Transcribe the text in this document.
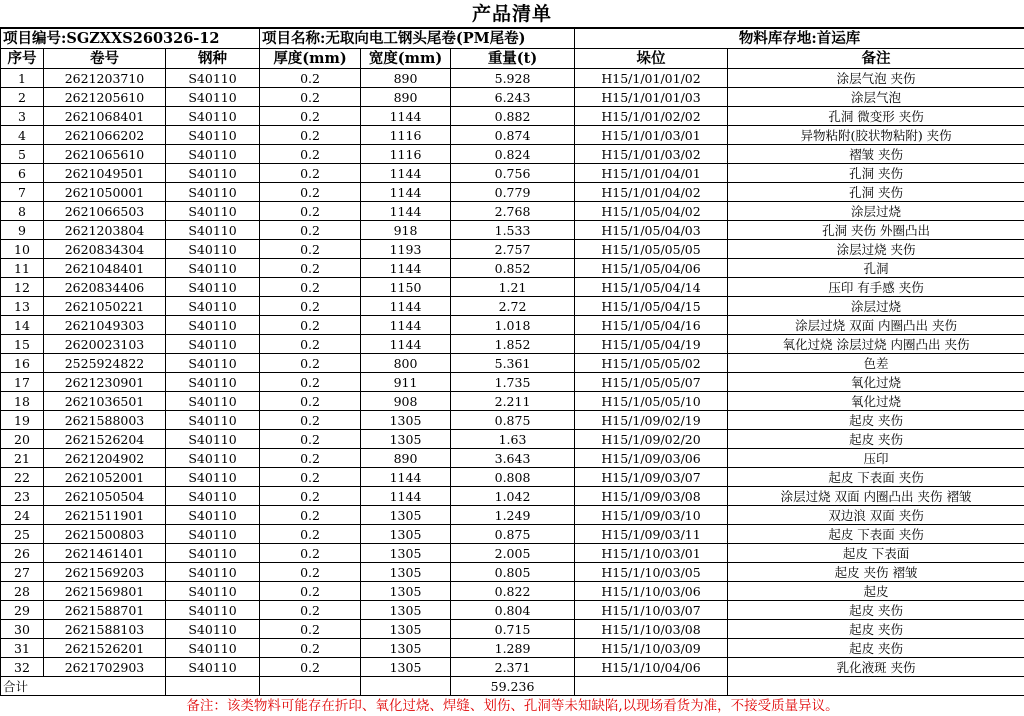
产品清单
项目编号:SGZXXS260326-12			项目名称:无取向电工钢头尾卷(PM尾卷)			物料库存地:首运库	
序号	卷号	钢种	厚度(mm)	宽度(mm)	重量(t)	垛位	备注
1	2621203710	S40110	0.2	890	5.928	H15/1/01/01/02	涂层气泡 夹伤
2	2621205610	S40110	0.2	890	6.243	H15/1/01/01/03	涂层气泡
3	2621068401	S40110	0.2	1144	0.882	H15/1/01/02/02	孔洞 微变形 夹伤
4	2621066202	S40110	0.2	1116	0.874	H15/1/01/03/01	异物粘附(胶状物粘附) 夹伤
5	2621065610	S40110	0.2	1116	0.824	H15/1/01/03/02	褶皱 夹伤
6	2621049501	S40110	0.2	1144	0.756	H15/1/01/04/01	孔洞 夹伤
7	2621050001	S40110	0.2	1144	0.779	H15/1/01/04/02	孔洞 夹伤
8	2621066503	S40110	0.2	1144	2.768	H15/1/05/04/02	涂层过烧
9	2621203804	S40110	0.2	918	1.533	H15/1/05/04/03	孔洞 夹伤 外圈凸出
10	2620834304	S40110	0.2	1193	2.757	H15/1/05/05/05	涂层过烧 夹伤
11	2621048401	S40110	0.2	1144	0.852	H15/1/05/04/06	孔洞
12	2620834406	S40110	0.2	1150	1.21	H15/1/05/04/14	压印 有手感 夹伤
13	2621050221	S40110	0.2	1144	2.72	H15/1/05/04/15	涂层过烧
14	2621049303	S40110	0.2	1144	1.018	H15/1/05/04/16	涂层过烧 双面 内圈凸出 夹伤
15	2620023103	S40110	0.2	1144	1.852	H15/1/05/04/19	氧化过烧 涂层过烧 内圈凸出 夹伤
16	2525924822	S40110	0.2	800	5.361	H15/1/05/05/02	色差
17	2621230901	S40110	0.2	911	1.735	H15/1/05/05/07	氧化过烧
18	2621036501	S40110	0.2	908	2.211	H15/1/05/05/10	氧化过烧
19	2621588003	S40110	0.2	1305	0.875	H15/1/09/02/19	起皮 夹伤
20	2621526204	S40110	0.2	1305	1.63	H15/1/09/02/20	起皮 夹伤
21	2621204902	S40110	0.2	890	3.643	H15/1/09/03/06	压印
22	2621052001	S40110	0.2	1144	0.808	H15/1/09/03/07	起皮 下表面 夹伤
23	2621050504	S40110	0.2	1144	1.042	H15/1/09/03/08	涂层过烧 双面 内圈凸出 夹伤 褶皱
24	2621511901	S40110	0.2	1305	1.249	H15/1/09/03/10	双边浪 双面 夹伤
25	2621500803	S40110	0.2	1305	0.875	H15/1/09/03/11	起皮 下表面 夹伤
26	2621461401	S40110	0.2	1305	2.005	H15/1/10/03/01	起皮 下表面
27	2621569203	S40110	0.2	1305	0.805	H15/1/10/03/05	起皮 夹伤 褶皱
28	2621569801	S40110	0.2	1305	0.822	H15/1/10/03/06	起皮
29	2621588701	S40110	0.2	1305	0.804	H15/1/10/03/07	起皮 夹伤
30	2621588103	S40110	0.2	1305	0.715	H15/1/10/03/08	起皮 夹伤
31	2621526201	S40110	0.2	1305	1.289	H15/1/10/03/09	起皮 夹伤
32	2621702903	S40110	0.2	1305	2.371	H15/1/10/04/06	乳化液斑 夹伤
合计					59.236		
备注：该类物料可能存在折印、氧化过烧、焊缝、划伤、孔洞等未知缺陷,以现场看货为准，不接受质量异议。							
